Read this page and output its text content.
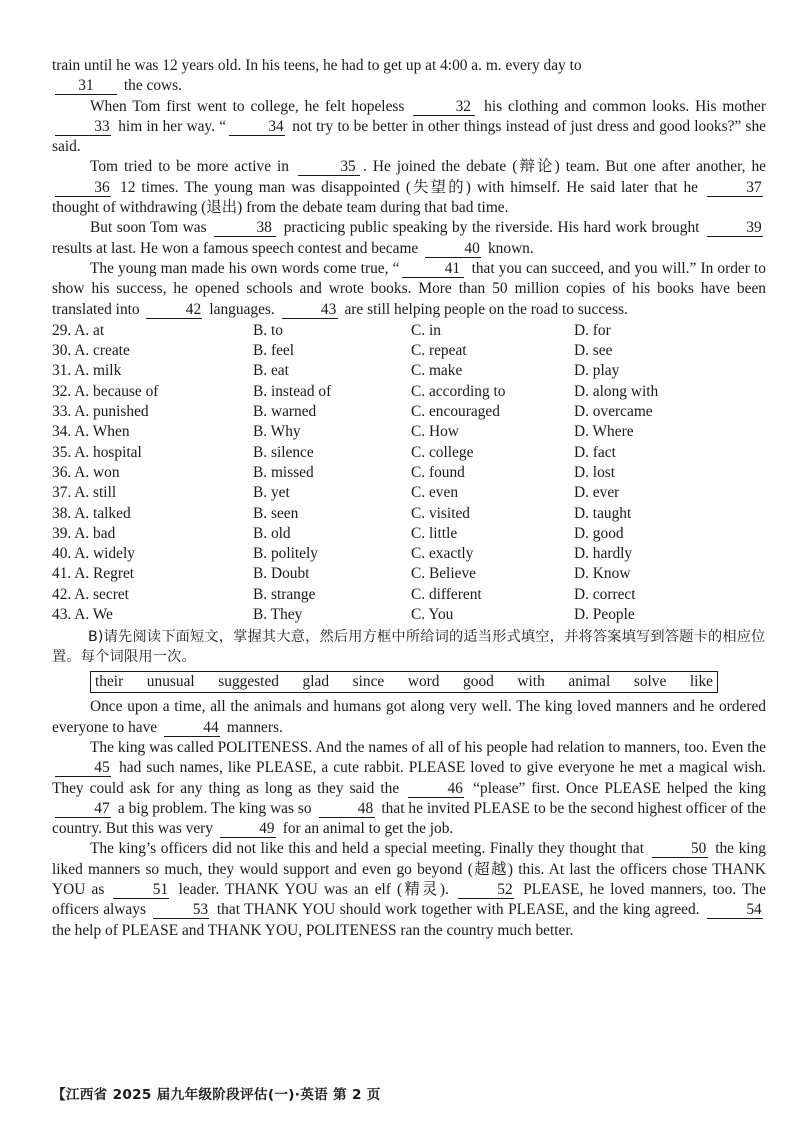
train until he was 12 years old. In his teens, he had to get up at 4:00 a. m. every day to
31 the cows.

When Tom first went to college, he felt hopeless	32 his clothing and common looks. His mother 33 him in her way. “	34 not try to be better in other things instead of just dress and good looks?” she said.

Tom tried to be more active in	35 . He joined the debate (辩论) team. But one after another, he 36 12 times. The young man was disappointed (失望的) with himself. He said later that he	37 thought of withdrawing (退出) from the debate team during that bad time.

But soon Tom was	38 practicing public speaking by the riverside. His hard work brought	39 results at last. He won a famous speech contest and became	40 known.

The young man made his own words come true, “	41 that you can succeed, and you will.” In order to show his success, he opened schools and wrote books. More than 50 million copies of his books have been translated into	42 languages.	43 are still helping people on the road to success.

29. A. at	B. to	C. in	D. for
30. A. create	B. feel	C. repeat	D. see
31. A. milk	B. eat	C. make	D. play
32. A. because of	B. instead of	C. according to	D. along with
33. A. punished	B. warned	C. encouraged	D. overcame
34. A. When	B. Why	C. How	D. Where
35. A. hospital	B. silence	C. college	D. fact
36. A. won	B. missed	C. found	D. lost
37. A. still	B. yet	C. even	D. ever
38. A. talked	B. seen	C. visited	D. taught
39. A. bad	B. old	C. little	D. good
40. A. widely	B. politely	C. exactly	D. hardly
41. A. Regret	B. Doubt	C. Believe	D. Know
42. A. secret	B. strange	C. different	D. correct
43. A. We	B. They	C. You	D. People

B)请先阅读下面短文，掌握其大意，然后用方框中所给词的适当形式填空，并将答案填写到答题卡的相应位置。每个词限用一次。

their unusual suggested glad since word good with animal solve like

Once upon a time, all the animals and humans got along very well. The king loved manners and he ordered everyone to have	44 manners.

The king was called POLITENESS. And the names of all of his people had relation to manners, too. Even the 45 had such names, like PLEASE, a cute rabbit. PLEASE loved to give everyone he met a magical wish. They could ask for any thing as long as they said the	46 “please” first. Once PLEASE helped the king 47 a big problem. The king was so	48 that he invited PLEASE to be the second highest officer of the country. But this was very	49 for an animal to get the job.

The king’s officers did not like this and held a special meeting. Finally they thought that	50 the king liked manners so much, they would support and even go beyond (超越) this. At last the officers chose THANK YOU as	51 leader. THANK YOU was an elf (精灵).	52 PLEASE, he loved manners, too. The officers always	53 that THANK YOU should work together with PLEASE, and the king agreed.	54 the help of PLEASE and THANK YOU, POLITENESS ran the country much better.

【江西省 2025 届九年级阶段评估(一)·英语 第 2 页
